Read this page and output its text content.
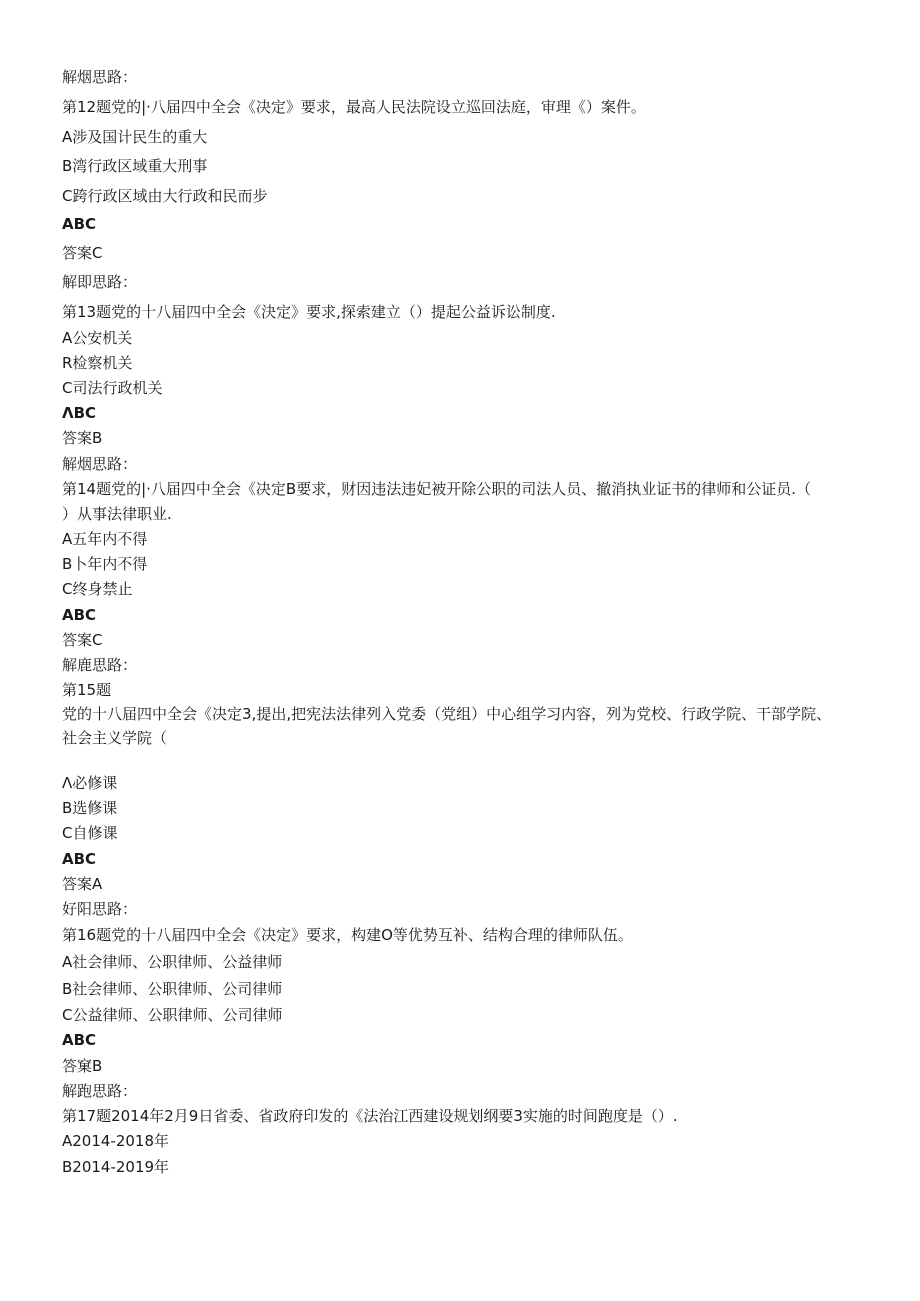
解烟思路：
第12题党的|·八届四中全会《决定》要求，最高人民法院设立巡回法庭，审理《）案件。
A涉及国计民生的重大
B湾行政区域重大刑事
C跨行政区域由大行政和民而步
ABC
答案C
解即思路：
第13题党的十八届四中全会《決定》要求,探索建立（）提起公益诉讼制度.
A公安机关
R检察机关
C司法行政机关
ΛBC
答案B
解烟思路：
第14题党的|·八届四中全会《决定B要求，财因违法违妃被开除公职的司法人员、撤消执业证书的律师和公证员.（
）从事法律职业.
A五年内不得
B卜年内不得
C终身禁止
ABC
答案C
解鹿思路：
第15题
党的十八届四中全会《决定3,提出,把宪法法律列入党委（党组）中心组学习内容，列为党校、行政学院、干部学院、
社会主义学院（
Λ必修课
B选修课
C自修课
ABC
答案A
好阳思路：
第16题党的十八届四中全会《决定》要求，构建O等优势互补、结构合理的律师队伍。
A社会律师、公职律师、公益律师
B社会律师、公职律师、公司律师
C公益律师、公职律师、公司律师
ABC
答窠B
解跑思路：
第17题2014年2月9日省委、省政府印发的《法治江西建设规划纲要3实施的时间跑度是（）.
A2014-2018年
B2014-2019年
